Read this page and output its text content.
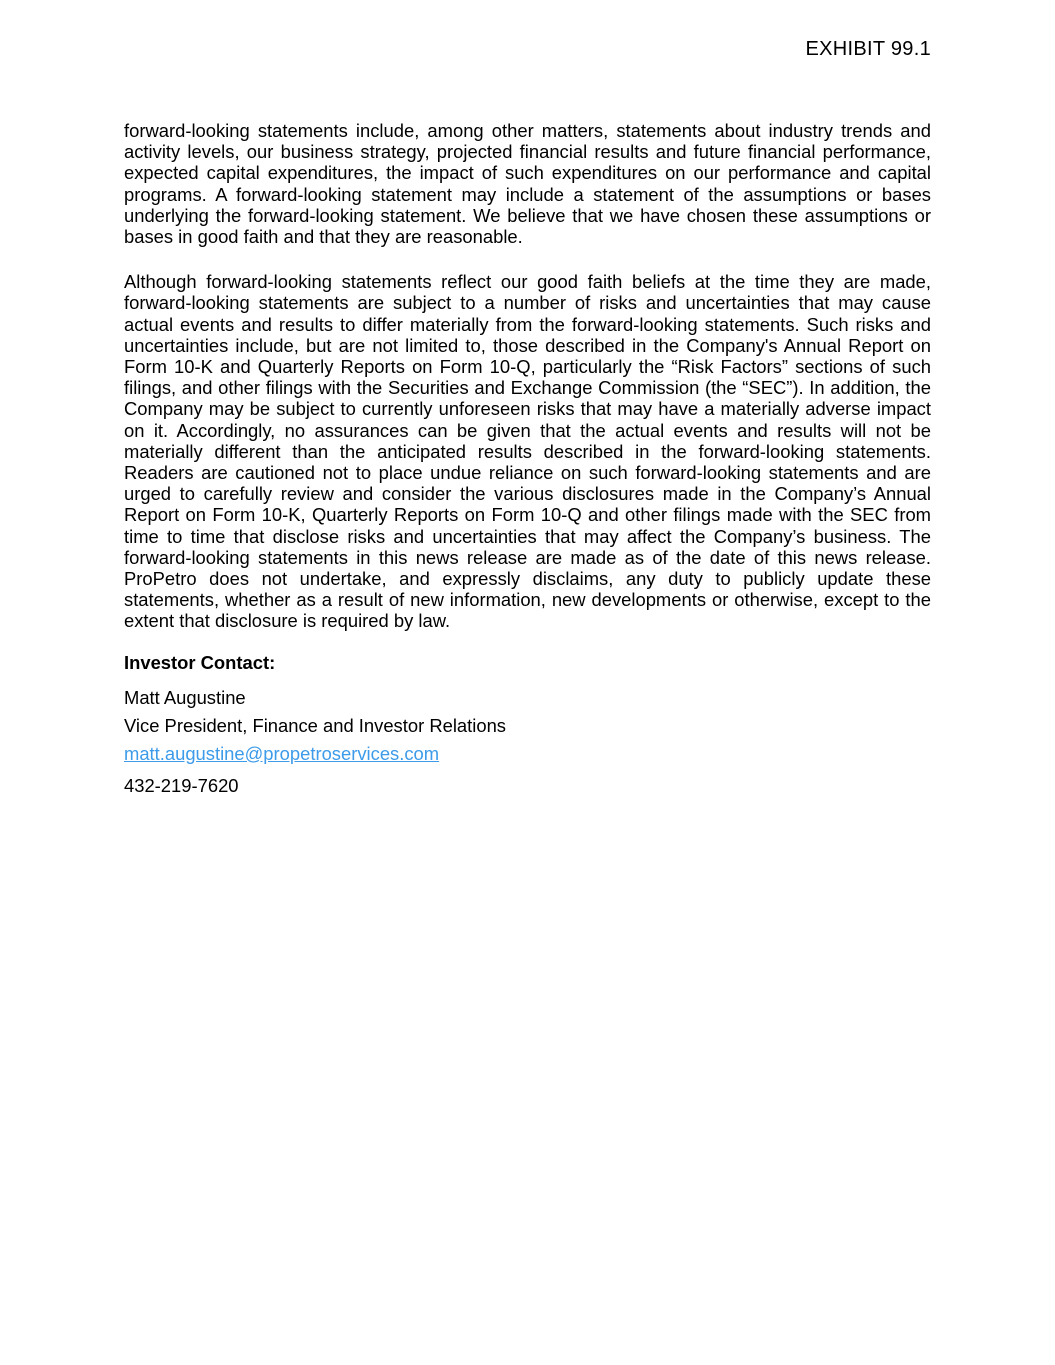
EXHIBIT 99.1

forward-looking statements include, among other matters, statements about industry trends and activity levels, our business strategy, projected financial results and future financial performance, expected capital expenditures, the impact of such expenditures on our performance and capital programs. A forward-looking statement may include a statement of the assumptions or bases underlying the forward-looking statement. We believe that we have chosen these assumptions or bases in good faith and that they are reasonable.

Although forward-looking statements reflect our good faith beliefs at the time they are made, forward-looking statements are subject to a number of risks and uncertainties that may cause actual events and results to differ materially from the forward-looking statements. Such risks and uncertainties include, but are not limited to, those described in the Company's Annual Report on Form 10-K and Quarterly Reports on Form 10-Q, particularly the “Risk Factors” sections of such filings, and other filings with the Securities and Exchange Commission (the “SEC”). In addition, the Company may be subject to currently unforeseen risks that may have a materially adverse impact on it. Accordingly, no assurances can be given that the actual events and results will not be materially different than the anticipated results described in the forward-looking statements. Readers are cautioned not to place undue reliance on such forward-looking statements and are urged to carefully review and consider the various disclosures made in the Company’s Annual Report on Form 10-K, Quarterly Reports on Form 10-Q and other filings made with the SEC from time to time that disclose risks and uncertainties that may affect the Company’s business. The forward-looking statements in this news release are made as of the date of this news release. ProPetro does not undertake, and expressly disclaims, any duty to publicly update these statements, whether as a result of new information, new developments or otherwise, except to the extent that disclosure is required by law.

Investor Contact:

Matt Augustine

Vice President, Finance and Investor Relations

matt.augustine@propetroservices.com

432-219-7620
